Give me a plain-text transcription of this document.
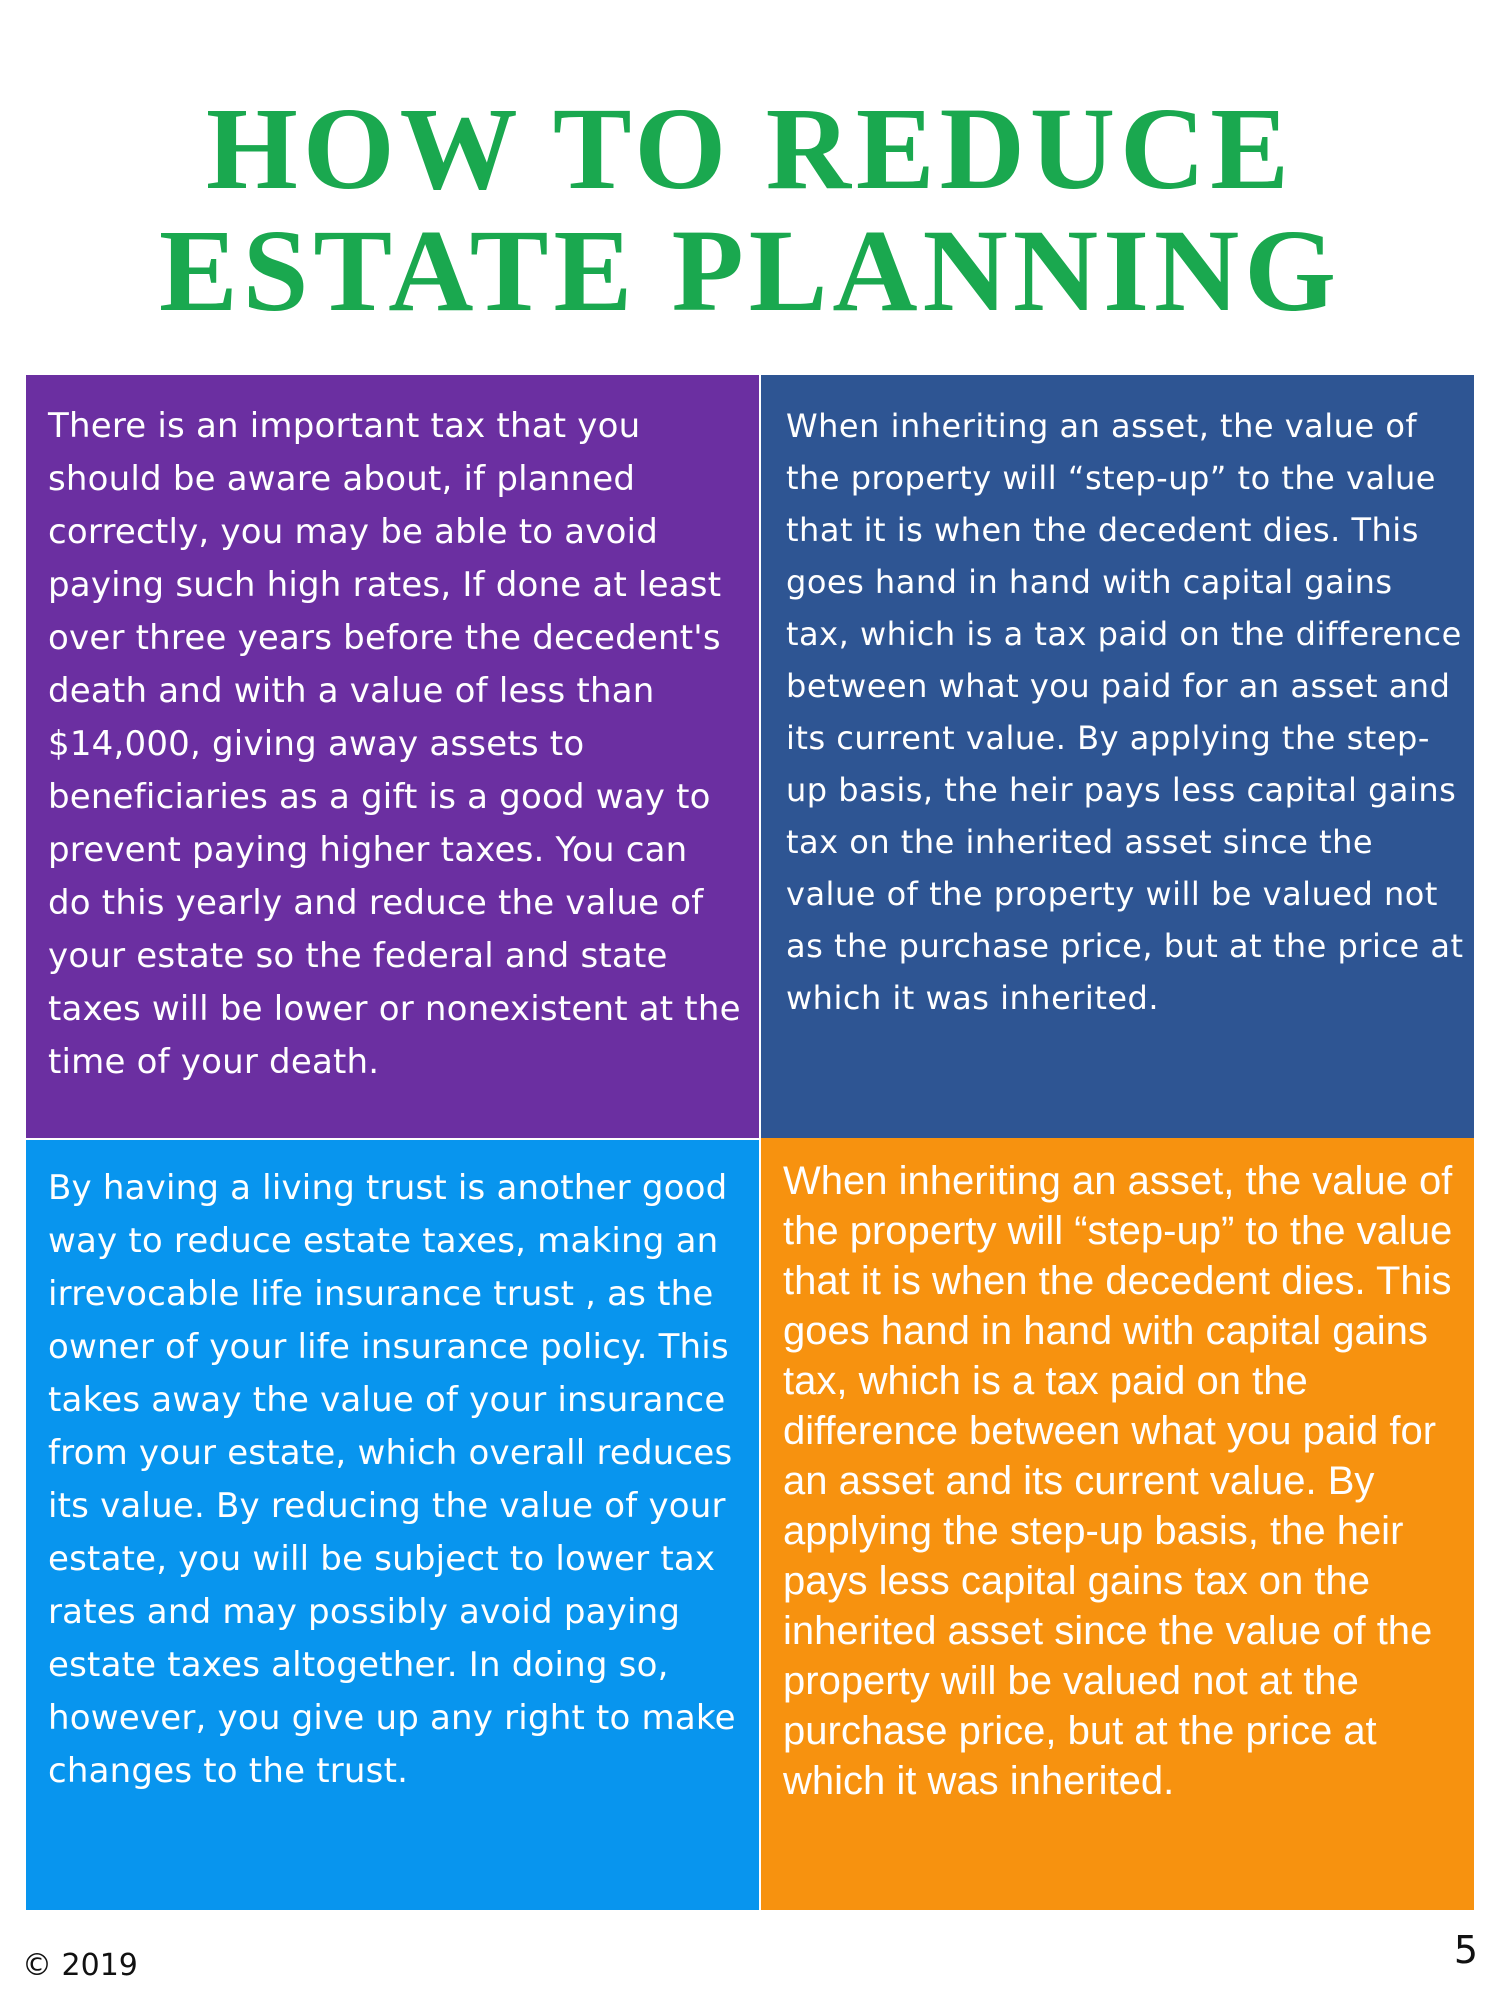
HOW TO REDUCE
ESTATE PLANNING

There is an important tax that you should be aware about, if planned correctly, you may be able to avoid paying such high rates, If done at least over three years before the decedent's death and with a value of less than $14,000, giving away assets to beneficiaries as a gift is a good way to prevent paying higher taxes. You can do this yearly and reduce the value of your estate so the federal and state taxes will be lower or nonexistent at the time of your death.

When inheriting an asset, the value of the property will “step-up” to the value that it is when the decedent dies. This goes hand in hand with capital gains tax, which is a tax paid on the difference between what you paid for an asset and its current value. By applying the step-up basis, the heir pays less capital gains tax on the inherited asset since the value of the property will be valued not as the purchase price, but at the price at which it was inherited.

By having a living trust is another good way to reduce estate taxes, making an irrevocable life insurance trust , as the owner of your life insurance policy. This takes away the value of your insurance from your estate, which overall reduces its value. By reducing the value of your estate, you will be subject to lower tax rates and may possibly avoid paying estate taxes altogether. In doing so, however, you give up any right to make changes to the trust.

When inheriting an asset, the value of the property will “step-up” to the value that it is when the decedent dies. This goes hand in hand with capital gains tax, which is a tax paid on the difference between what you paid for an asset and its current value. By applying the step-up basis, the heir pays less capital gains tax on the inherited asset since the value of the property will be valued not at the purchase price, but at the price at which it was inherited.

© 2019	5
